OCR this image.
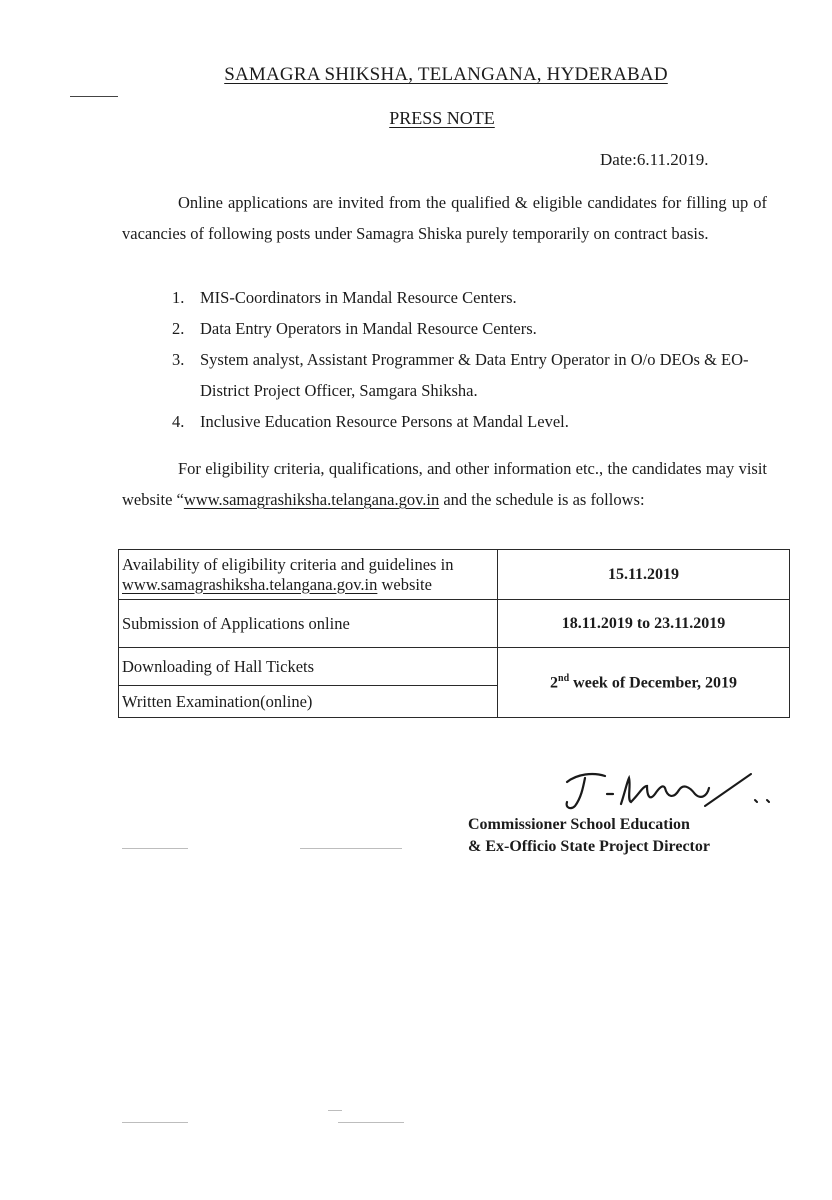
SAMAGRA SHIKSHA, TELANGANA, HYDERABAD
PRESS NOTE
Date:6.11.2019.
Online applications are invited from the qualified & eligible candidates for filling up of vacancies of following posts under Samagra Shiska purely temporarily on contract basis.
1. MIS-Coordinators in Mandal Resource Centers.
2. Data Entry Operators in Mandal Resource Centers.
3. System analyst, Assistant Programmer & Data Entry Operator in O/o DEOs & EO-District Project Officer, Samgara Shiksha.
4. Inclusive Education Resource Persons at Mandal Level.
For eligibility criteria, qualifications, and other information etc., the candidates may visit website “www.samagrashiksha.telangana.gov.in and the schedule is as follows:
Availability of eligibility criteria and guidelines in
www.samagrashiksha.telangana.gov.in website	15.11.2019
Submission of Applications online	18.11.2019 to 23.11.2019
Downloading of Hall Tickets	2nd week of December, 2019
Written Examination(online)	
Commissioner School Education
& Ex-Officio State Project Director
